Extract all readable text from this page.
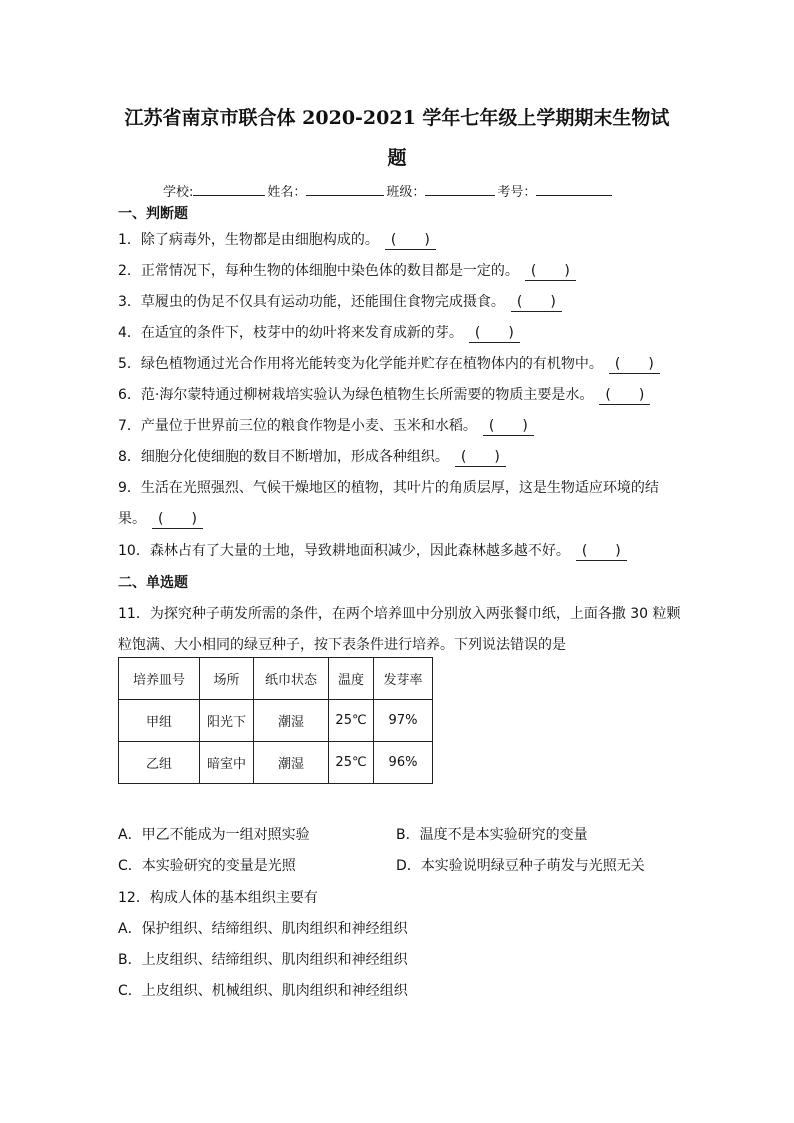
江苏省南京市联合体 2020-2021 学年七年级上学期期末生物试
题
学校:	姓名：	班级：	考号：
一、判断题
1．除了病毒外，生物都是由细胞构成的。 (　　)
2．正常情况下，每种生物的体细胞中染色体的数目都是一定的。 (　　)
3．草履虫的伪足不仅具有运动功能，还能围住食物完成摄食。 (　　)
4．在适宜的条件下，枝芽中的幼叶将来发育成新的芽。 (　　)
5．绿色植物通过光合作用将光能转变为化学能并贮存在植物体内的有机物中。 (　　)
6．范·海尔蒙特通过柳树栽培实验认为绿色植物生长所需要的物质主要是水。 (　　)
7．产量位于世界前三位的粮食作物是小麦、玉米和水稻。 (　　)
8．细胞分化使细胞的数目不断增加，形成各种组织。 (　　)
9．生活在光照强烈、气候干燥地区的植物，其叶片的角质层厚，这是生物适应环境的结
果。 (　　)
10．森林占有了大量的土地，导致耕地面积减少，因此森林越多越不好。 (　　)
二、单选题
11．为探究种子萌发所需的条件，在两个培养皿中分别放入两张餐巾纸，上面各撒 30 粒颗
粒饱满、大小相同的绿豆种子，按下表条件进行培养。下列说法错误的是
培养皿号	场所	纸巾状态	温度	发芽率
甲组	阳光下	潮湿	25℃	97%
乙组	暗室中	潮湿	25℃	96%
A．甲乙不能成为一组对照实验	B．温度不是本实验研究的变量
C．本实验研究的变量是光照	D．本实验说明绿豆种子萌发与光照无关
12．构成人体的基本组织主要有
A．保护组织、结缔组织、肌肉组织和神经组织
B．上皮组织、结缔组织、肌肉组织和神经组织
C．上皮组织、机械组织、肌肉组织和神经组织
